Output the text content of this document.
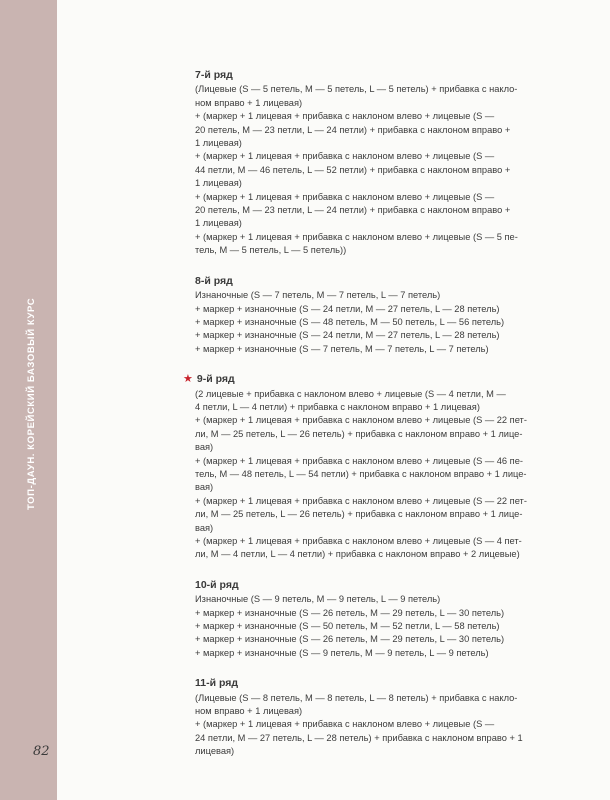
ТОП-ДАУН. КОРЕЙСКИЙ БАЗОВЫЙ КУРС
82
7-й ряд
(Лицевые (S — 5 петель, M — 5 петель, L — 5 петель) + прибавка с накло-
ном вправо + 1 лицевая)
+ (маркер + 1 лицевая + прибавка с наклоном влево + лицевые (S —
20 петель, M — 23 петли, L — 24 петли) + прибавка с наклоном вправо +
1 лицевая)
+ (маркер + 1 лицевая + прибавка с наклоном влево + лицевые (S —
44 петли, M — 46 петель, L — 52 петли) + прибавка с наклоном вправо +
1 лицевая)
+ (маркер + 1 лицевая + прибавка с наклоном влево + лицевые (S —
20 петель, M — 23 петли, L — 24 петли) + прибавка с наклоном вправо +
1 лицевая)
+ (маркер + 1 лицевая + прибавка с наклоном влево + лицевые (S — 5 пе-
тель, M — 5 петель, L — 5 петель))
8-й ряд
Изнаночные (S — 7 петель, M — 7 петель, L — 7 петель)
+ маркер + изнаночные (S — 24 петли, M — 27 петель, L — 28 петель)
+ маркер + изнаночные (S — 48 петель, M — 50 петель, L — 56 петель)
+ маркер + изнаночные (S — 24 петли, M — 27 петель, L — 28 петель)
+ маркер + изнаночные (S — 7 петель, M — 7 петель, L — 7 петель)
★ 9-й ряд
(2 лицевые + прибавка с наклоном влево + лицевые (S — 4 петли, M —
4 петли, L — 4 петли) + прибавка с наклоном вправо + 1 лицевая)
+ (маркер + 1 лицевая + прибавка с наклоном влево + лицевые (S — 22 пет-
ли, M — 25 петель, L — 26 петель) + прибавка с наклоном вправо + 1 лице-
вая)
+ (маркер + 1 лицевая + прибавка с наклоном влево + лицевые (S — 46 пе-
тель, M — 48 петель, L — 54 петли) + прибавка с наклоном вправо + 1 лице-
вая)
+ (маркер + 1 лицевая + прибавка с наклоном влево + лицевые (S — 22 пет-
ли, M — 25 петель, L — 26 петель) + прибавка с наклоном вправо + 1 лице-
вая)
+ (маркер + 1 лицевая + прибавка с наклоном влево + лицевые (S — 4 пет-
ли, M — 4 петли, L — 4 петли) + прибавка с наклоном вправо + 2 лицевые)
10-й ряд
Изнаночные (S — 9 петель, M — 9 петель, L — 9 петель)
+ маркер + изнаночные (S — 26 петель, M — 29 петель, L — 30 петель)
+ маркер + изнаночные (S — 50 петель, M — 52 петли, L — 58 петель)
+ маркер + изнаночные (S — 26 петель, M — 29 петель, L — 30 петель)
+ маркер + изнаночные (S — 9 петель, M — 9 петель, L — 9 петель)
11-й ряд
(Лицевые (S — 8 петель, M — 8 петель, L — 8 петель) + прибавка с накло-
ном вправо + 1 лицевая)
+ (маркер + 1 лицевая + прибавка с наклоном влево + лицевые (S —
24 петли, M — 27 петель, L — 28 петель) + прибавка с наклоном вправо + 1
лицевая)
